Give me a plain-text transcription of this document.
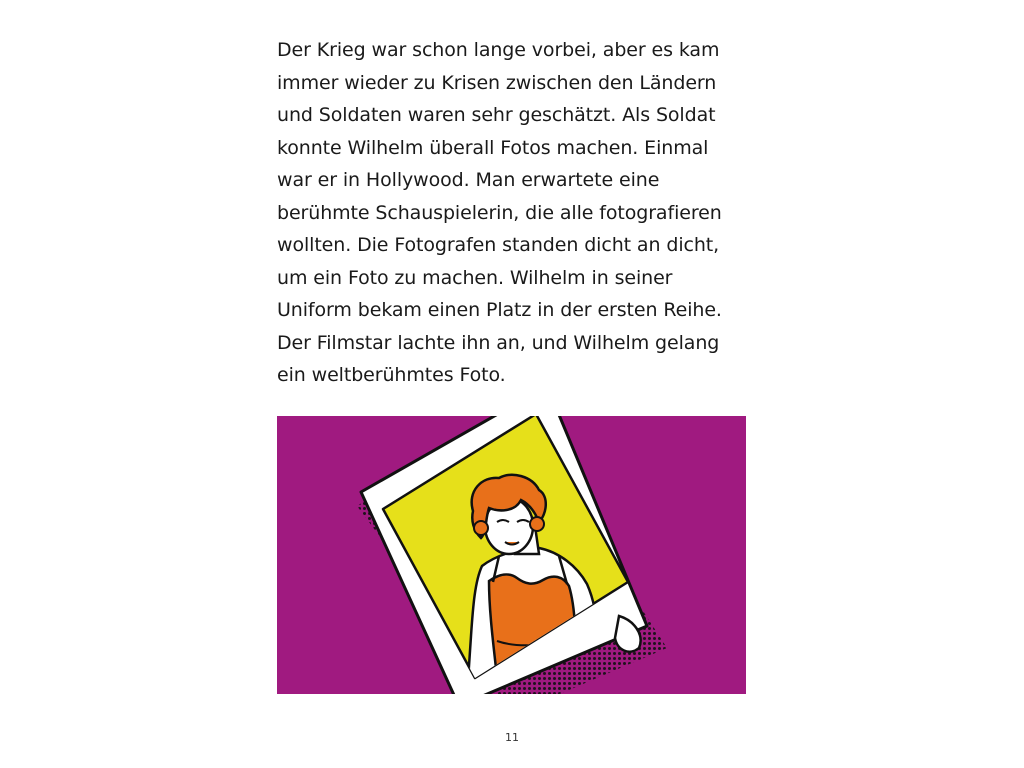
Der Krieg war schon lange vorbei, aber es kam
immer wieder zu Krisen zwischen den Ländern
und Soldaten waren sehr geschätzt. Als Soldat
konnte Wilhelm überall Fotos machen. Einmal
war er in Hollywood. Man erwartete eine
berühmte Schauspielerin, die alle fotografieren
wollten. Die Fotografen standen dicht an dicht,
um ein Foto zu machen. Wilhelm in seiner
Uniform bekam einen Platz in der ersten Reihe.
Der Filmstar lachte ihn an, und Wilhelm gelang
ein weltberühmtes Foto.

11
